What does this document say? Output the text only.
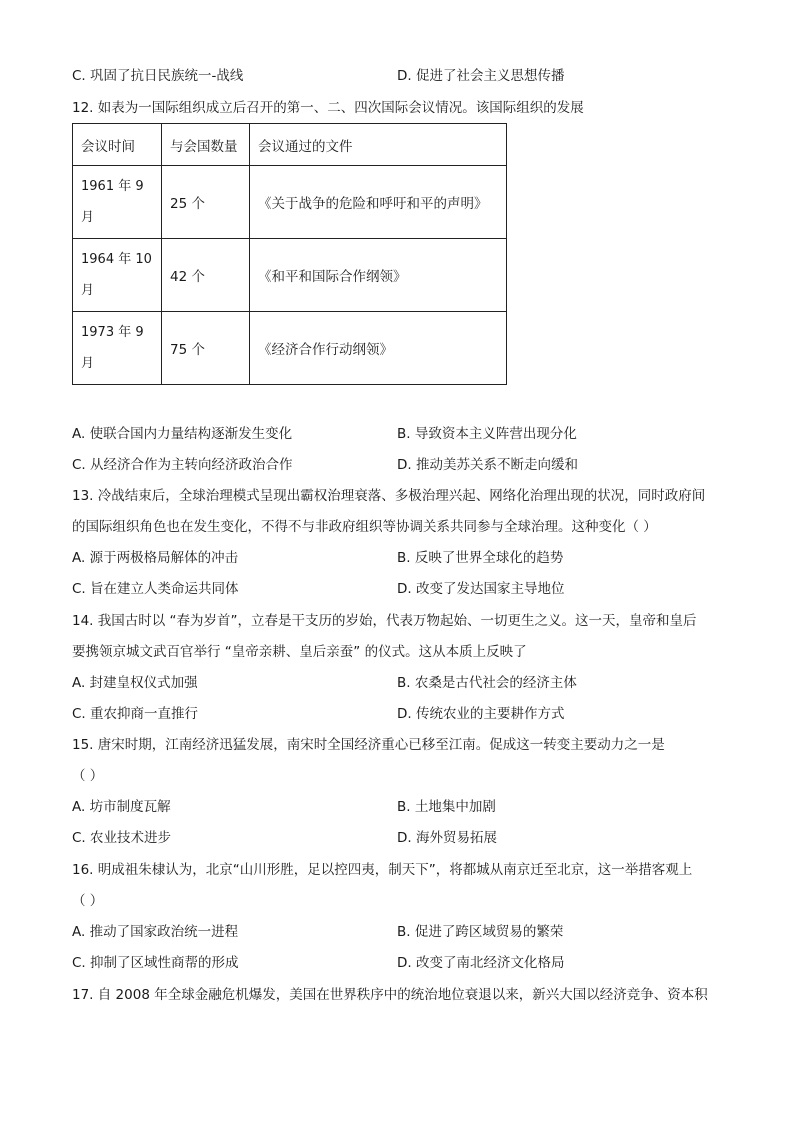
C. 巩固了抗日民族统一-战线	D. 促进了社会主义思想传播
12. 如表为一国际组织成立后召开的第一、二、四次国际会议情况。该国际组织的发展
会议时间	与会国数量	会议通过的文件

1961 年 9
月	25 个	《关于战争的危险和呼吁和平的声明》

1964 年 10
月	42 个	《和平和国际合作纲领》

1973 年 9
月	75 个	《经济合作行动纲领》
A. 使联合国内力量结构逐渐发生变化	B. 导致资本主义阵营出现分化
C. 从经济合作为主转向经济政治合作	D. 推动美苏关系不断走向缓和
13. 冷战结束后，全球治理模式呈现出霸权治理衰落、多极治理兴起、网络化治理出现的状况，同时政府间
的国际组织角色也在发生变化，不得不与非政府组织等协调关系共同参与全球治理。这种变化（ ）
A. 源于两极格局解体的冲击	B. 反映了世界全球化的趋势
C. 旨在建立人类命运共同体	D. 改变了发达国家主导地位
14. 我国古时以 “春为岁首”，立春是干支历的岁始，代表万物起始、一切更生之义。这一天，皇帝和皇后
要携领京城文武百官举行 “皇帝亲耕、皇后亲蚕” 的仪式。这从本质上反映了
A. 封建皇权仪式加强	B. 农桑是古代社会的经济主体
C. 重农抑商一直推行	D. 传统农业的主要耕作方式
15. 唐宋时期，江南经济迅猛发展，南宋时全国经济重心已移至江南。促成这一转变主要动力之一是
（ ）
A. 坊市制度瓦解	B. 土地集中加剧
C. 农业技术进步	D. 海外贸易拓展
16. 明成祖朱棣认为，北京“山川形胜，足以控四夷，制天下”，将都城从南京迁至北京，这一举措客观上
（ ）
A. 推动了国家政治统一进程	B. 促进了跨区域贸易的繁荣
C. 抑制了区域性商帮的形成	D. 改变了南北经济文化格局
17. 自 2008 年全球金融危机爆发，美国在世界秩序中的统治地位衰退以来，新兴大国以经济竞争、资本积
